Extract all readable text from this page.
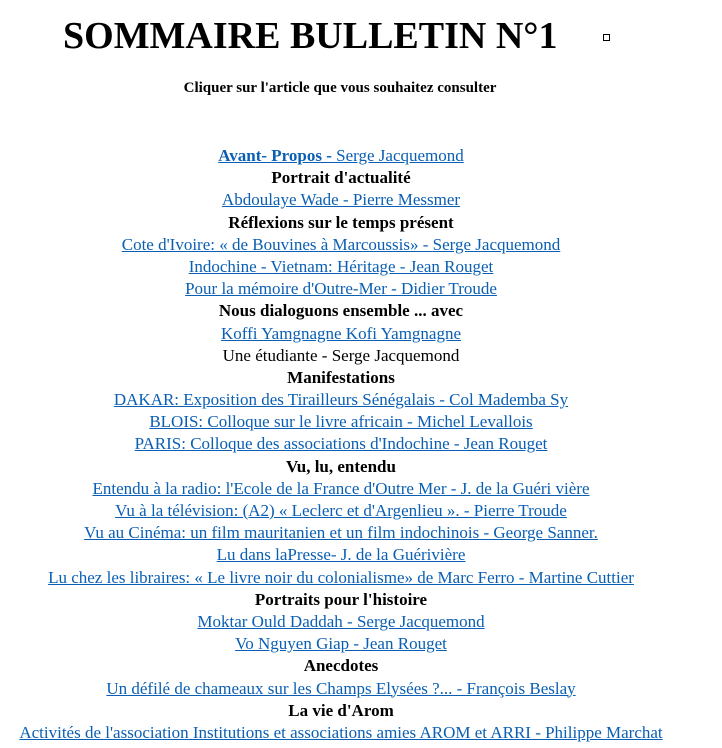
SOMMAIRE BULLETIN N°1
Cliquer sur l'article que vous souhaitez consulter
Avant- Propos - Serge Jacquemond
Portrait d'actualité
Abdoulaye Wade - Pierre Messmer
Réflexions sur le temps présent
Cote d'Ivoire: « de Bouvines à Marcoussis» - Serge Jacquemond
Indochine - Vietnam: Héritage - Jean Rouget
Pour la mémoire d'Outre-Mer - Didier Troude
Nous dialoguons ensemble ... avec
Koffi Yamgnagne Kofi Yamgnagne
Une étudiante - Serge Jacquemond
Manifestations
DAKAR: Exposition des Tirailleurs Sénégalais - Col Mademba Sy
BLOIS: Colloque sur le livre africain - Michel Levallois
PARIS: Colloque des associations d'Indochine - Jean Rouget
Vu, lu, entendu
Entendu à la radio: l'Ecole de la France d'Outre Mer - J. de la Guéri vière
Vu à la télévision: (A2) « Leclerc et d'Argenlieu ». - Pierre Troude
Vu au Cinéma: un film mauritanien et un film indochinois - George Sanner.
Lu dans laPresse- J. de la Guérivière
Lu chez les libraires: « Le livre noir du colonialisme» de Marc Ferro - Martine Cuttier
Portraits pour l'histoire
Moktar Ould Daddah - Serge Jacquemond
Vo Nguyen Giap - Jean Rouget
Anecdotes
Un défilé de chameaux sur les Champs Elysées ?... - François Beslay
La vie d'Arom
Activités de l'association Institutions et associations amies AROM et ARRI - Philippe Marchat
